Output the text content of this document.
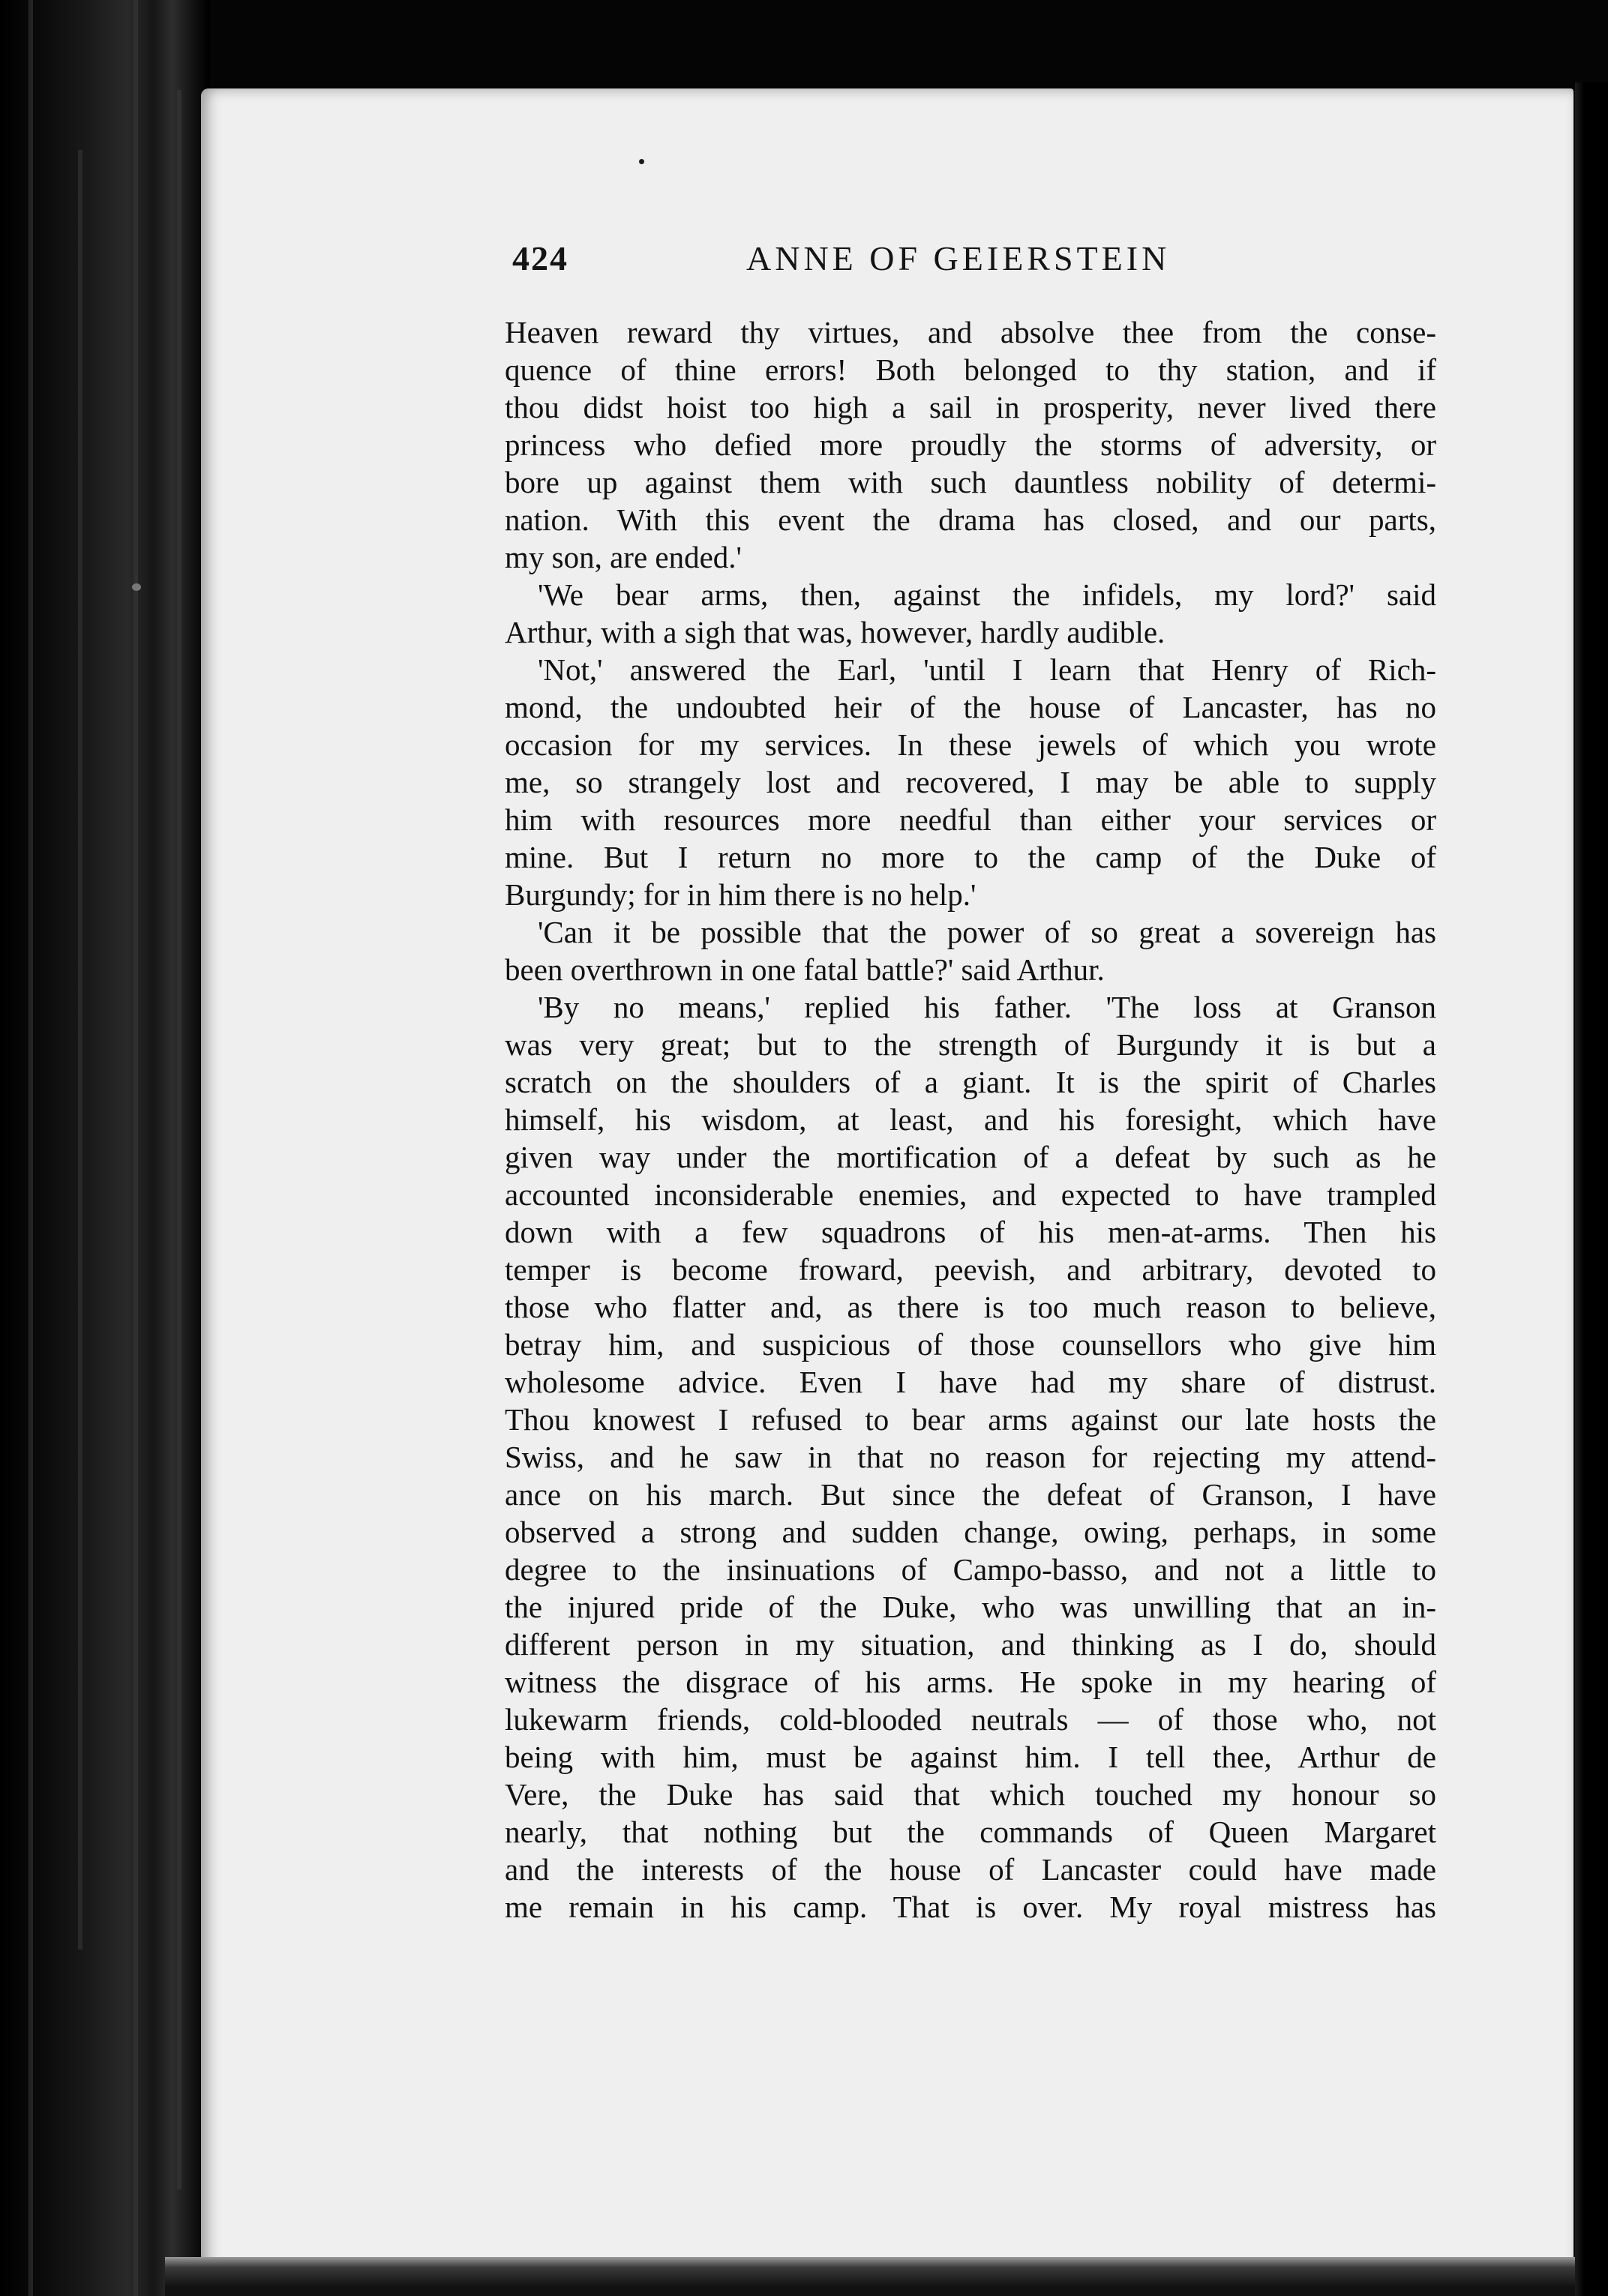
424	ANNE OF GEIERSTEIN
Heaven reward thy virtues, and absolve thee from the conse-
quence of thine errors! Both belonged to thy station, and if
thou didst hoist too high a sail in prosperity, never lived there
princess who defied more proudly the storms of adversity, or
bore up against them with such dauntless nobility of determi-
nation. With this event the drama has closed, and our parts,
my son, are ended.'
'We bear arms, then, against the infidels, my lord?' said
Arthur, with a sigh that was, however, hardly audible.
'Not,' answered the Earl, 'until I learn that Henry of Rich-
mond, the undoubted heir of the house of Lancaster, has no
occasion for my services. In these jewels of which you wrote
me, so strangely lost and recovered, I may be able to supply
him with resources more needful than either your services or
mine. But I return no more to the camp of the Duke of
Burgundy; for in him there is no help.'
'Can it be possible that the power of so great a sovereign has
been overthrown in one fatal battle?' said Arthur.
'By no means,' replied his father. 'The loss at Granson
was very great; but to the strength of Burgundy it is but a
scratch on the shoulders of a giant. It is the spirit of Charles
himself, his wisdom, at least, and his foresight, which have
given way under the mortification of a defeat by such as he
accounted inconsiderable enemies, and expected to have trampled
down with a few squadrons of his men-at-arms. Then his
temper is become froward, peevish, and arbitrary, devoted to
those who flatter and, as there is too much reason to believe,
betray him, and suspicious of those counsellors who give him
wholesome advice. Even I have had my share of distrust.
Thou knowest I refused to bear arms against our late hosts the
Swiss, and he saw in that no reason for rejecting my attend-
ance on his march. But since the defeat of Granson, I have
observed a strong and sudden change, owing, perhaps, in some
degree to the insinuations of Campo-basso, and not a little to
the injured pride of the Duke, who was unwilling that an in-
different person in my situation, and thinking as I do, should
witness the disgrace of his arms. He spoke in my hearing of
lukewarm friends, cold-blooded neutrals — of those who, not
being with him, must be against him. I tell thee, Arthur de
Vere, the Duke has said that which touched my honour so
nearly, that nothing but the commands of Queen Margaret
and the interests of the house of Lancaster could have made
me remain in his camp. That is over. My royal mistress has
